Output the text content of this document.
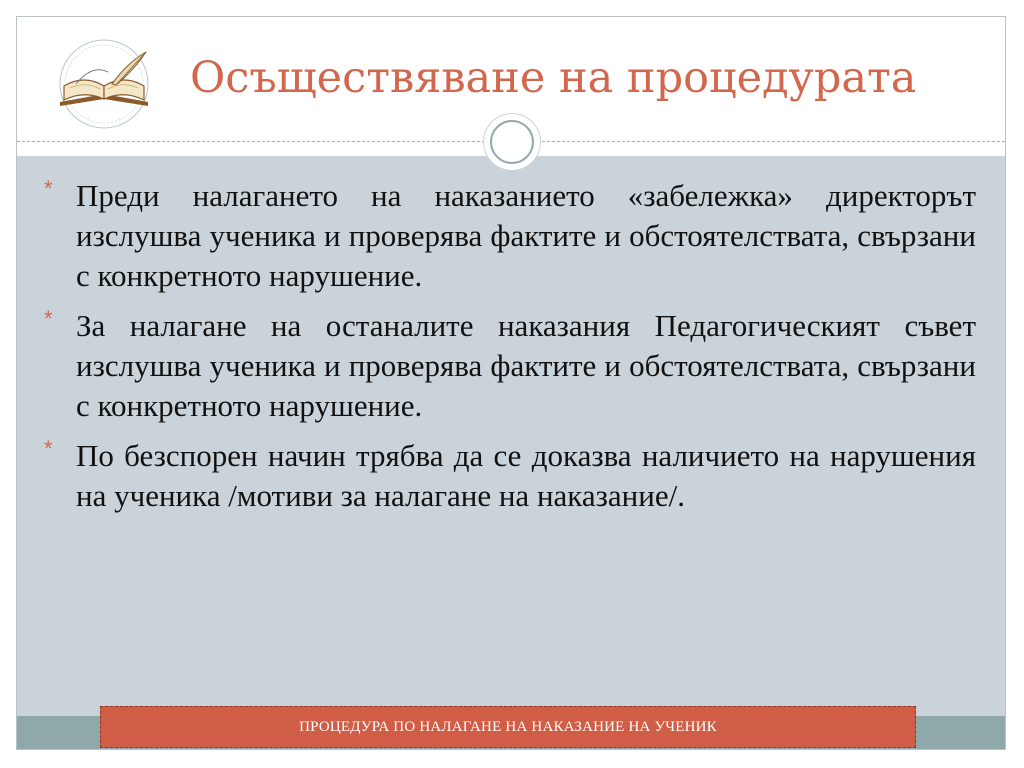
Осъществяване на процедурата
* Преди налагането на наказанието «забележка» директорът изслушва ученика и проверява фактите и обстоятелствата, свързани с конкретното нарушение.
* За налагане на останалите наказания Педагогическият съвет изслушва ученика и проверява фактите и обстоятелствата, свързани с конкретното нарушение.
* По безспорен начин трябва да се доказва наличието на нарушения на ученика /мотиви за налагане на наказание/.
ПРОЦЕДУРА ПО НАЛАГАНЕ НА НАКАЗАНИЕ НА УЧЕНИК
